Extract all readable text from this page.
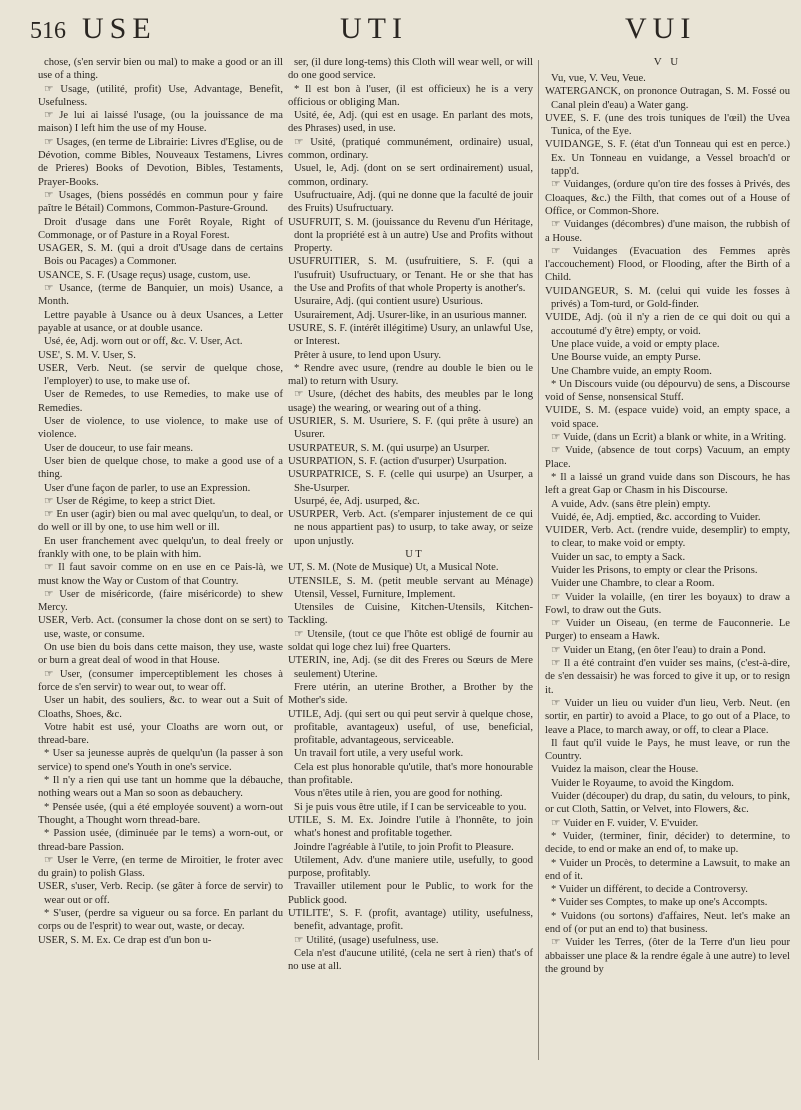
516 USE	UTI	VUI
V U

chose, (s'en servir bien ou mal) to make a good or an ill use of a thing.

☞ Usage, (utilité, profit) Use, Advantage, Benefit, Usefulness.

☞ Je lui ai laissé l'usage, (ou la jouissance de ma maison) I left him the use of my House.

☞ Usages, (en terme de Librairie: Livres d'Eglise, ou de Dévotion, comme Bibles, Nouveaux Testamens, Livres de Prieres) Books of Devotion, Bibles, Testaments, Prayer-Books.

☞ Usages, (biens possédés en commun pour y faire paître le Bétail) Commons, Common-Pasture-Ground.

Droit d'usage dans une Forêt Royale, Right of Commonage, or of Pasture in a Royal Forest.

USAGER, S. M. (qui a droit d'Usage dans de certains Bois ou Pacages) a Commoner.

USANCE, S. F. (Usage reçus) usage, custom, use.

☞ Usance, (terme de Banquier, un mois) Usance, a Month.

Lettre payable à Usance ou à deux Usances, a Letter payable at usance, or at double usance.

Usé, ée, Adj. worn out or off, &c. V. User, Act.

USE', S. M. V. User, S.

USER, Verb. Neut. (se servir de quelque chose, l'employer) to use, to make use of.

User de Remedes, to use Remedies, to make use of Remedies.

User de violence, to use violence, to make use of violence.

User de douceur, to use fair means.

User bien de quelque chose, to make a good use of a thing.

User d'une façon de parler, to use an Expression.

☞ User de Régime, to keep a strict Diet.

☞ En user (agir) bien ou mal avec quelqu'un, to deal, or do well or ill by one, to use him well or ill.

En user franchement avec quelqu'un, to deal freely or frankly with one, to be plain with him.

☞ Il faut savoir comme on en use en ce Pais-là, we must know the Way or Custom of that Country.

☞ User de miséricorde, (faire miséricorde) to shew Mercy.

USER, Verb. Act. (consumer la chose dont on se sert) to use, waste, or consume.

On use bien du bois dans cette maison, they use, waste or burn a great deal of wood in that House.

☞ User, (consumer imperceptiblement les choses à force de s'en servir) to wear out, to wear off.

User un habit, des souliers, &c. to wear out a Suit of Cloaths, Shoes, &c.

Votre habit est usé, your Cloaths are worn out, or thread-bare.

* User sa jeunesse auprès de quelqu'un (la passer à son service) to spend one's Youth in one's service.

* Il n'y a rien qui use tant un homme que la débauche, nothing wears out a Man so soon as debauchery.

* Pensée usée, (qui a été employée souvent) a worn-out Thought, a Thought worn thread-bare.

* Passion usée, (diminuée par le tems) a worn-out, or thread-bare Passion.

☞ User le Verre, (en terme de Miroitier, le froter avec du grain) to polish Glass.

USER, s'user, Verb. Recip. (se gâter à force de servir) to wear out or off.

* S'user, (perdre sa vigueur ou sa force. En parlant du corps ou de l'esprit) to wear out, waste, or decay.

USER, S. M. Ex. Ce drap est d'un bon u-

ser, (il dure long-tems) this Cloth will wear well, or will do one good service.

* Il est bon à l'user, (il est officieux) he is a very officious or obliging Man.

Usité, ée, Adj. (qui est en usage. En parlant des mots, des Phrases) used, in use.

☞ Usité, (pratiqué communément, ordinaire) usual, common, ordinary.

Usuel, le, Adj. (dont on se sert ordinairement) usual, common, ordinary.

Usufructuaire, Adj. (qui ne donne que la faculté de jouir des Fruits) Usufructuary.

USUFRUIT, S. M. (jouissance du Revenu d'un Héritage, dont la propriété est à un autre) Use and Profits without Property.

USUFRUITIER, S. M. (usufruitiere, S. F. (qui a l'usufruit) Usufructuary, or Tenant. He or she that has the Use and Profits of that whole Property is another's.

Usuraire, Adj. (qui contient usure) Usurious.

Usurairement, Adj. Usurer-like, in an usurious manner.

USURE, S. F. (intérêt illégitime) Usury, an unlawful Use, or Interest.

Prêter à usure, to lend upon Usury.

* Rendre avec usure, (rendre au double le bien ou le mal) to return with Usury.

☞ Usure, (déchet des habits, des meubles par le long usage) the wearing, or wearing out of a thing.

USURIER, S. M. Usuriere, S. F. (qui prête à usure) an Usurer.

USURPATEUR, S. M. (qui usurpe) an Usurper.

USURPATION, S. F. (action d'usurper) Usurpation.

USURPATRICE, S. F. (celle qui usurpe) an Usurper, a She-Usurper.

Usurpé, ée, Adj. usurped, &c.

USURPER, Verb. Act. (s'emparer injustement de ce qui ne nous appartient pas) to usurp, to take away, or seize upon unjustly.

U T

UT, S. M. (Note de Musique) Ut, a Musical Note.

UTENSILE, S. M. (petit meuble servant au Ménage) Utensil, Vessel, Furniture, Implement.

Utensiles de Cuisine, Kitchen-Utensils, Kitchen-Tackling.

☞ Utensile, (tout ce que l'hôte est obligé de fournir au soldat qui loge chez lui) free Quarters.

UTERIN, ine, Adj. (se dit des Freres ou Sœurs de Mere seulement) Uterine.

Frere utérin, an uterine Brother, a Brother by the Mother's side.

UTILE, Adj. (qui sert ou qui peut servir à quelque chose, profitable, avantageux) useful, of use, beneficial, profitable, advantageous, serviceable.

Un travail fort utile, a very useful work.

Cela est plus honorable qu'utile, that's more honourable than profitable.

Vous n'êtes utile à rien, you are good for nothing.

Si je puis vous être utile, if I can be serviceable to you.

UTILE, S. M. Ex. Joindre l'utile à l'honnête, to join what's honest and profitable together.

Joindre l'agréable à l'utile, to join Profit to Pleasure.

Utilement, Adv. d'une maniere utile, usefully, to good purpose, profitably.

Travailler utilement pour le Public, to work for the Publick good.

UTILITE', S. F. (profit, avantage) utility, usefulness, benefit, advantage, profit.

☞ Utilité, (usage) usefulness, use.

Cela n'est d'aucune utilité, (cela ne sert à rien) that's of no use at all.

Vu, vue, V. Veu, Veue.

WATERGANCK, on prononce Outragan, S. M. Fossé ou Canal plein d'eau) a Water gang.

UVEE, S. F. (une des trois tuniques de l'œil) the Uvea Tunica, of the Eye.

VUIDANGE, S. F. (état d'un Tonneau qui est en perce.) Ex. Un Tonneau en vuidange, a Vessel broach'd or tapp'd.

☞ Vuidanges, (ordure qu'on tire des fosses à Privés, des Cloaques, &c.) the Filth, that comes out of a House of Office, or Common-Shore.

☞ Vuidanges (décombres) d'une maison, the rubbish of a House.

☞ Vuidanges (Evacuation des Femmes après l'accouchement) Flood, or Flooding, after the Birth of a Child.

VUIDANGEUR, S. M. (celui qui vuide les fosses à privés) a Tom-turd, or Gold-finder.

VUIDE, Adj. (où il n'y a rien de ce qui doit ou qui a accoutumé d'y être) empty, or void.

Une place vuide, a void or empty place.

Une Bourse vuide, an empty Purse.

Une Chambre vuide, an empty Room.

* Un Discours vuide (ou dépourvu) de sens, a Discourse void of Sense, nonsensical Stuff.

VUIDE, S. M. (espace vuide) void, an empty space, a void space.

☞ Vuide, (dans un Ecrit) a blank or white, in a Writing.

☞ Vuide, (absence de tout corps) Vacuum, an empty Place.

* Il a laissé un grand vuide dans son Discours, he has left a great Gap or Chasm in his Discourse.

A vuide, Adv. (sans être plein) empty.

Vuidé, ée, Adj. emptied, &c. according to Vuider.

VUIDER, Verb. Act. (rendre vuide, desemplir) to empty, to clear, to make void or empty.

Vuider un sac, to empty a Sack.

Vuider les Prisons, to empty or clear the Prisons.

Vuider une Chambre, to clear a Room.

☞ Vuider la volaille, (en tirer les boyaux) to draw a Fowl, to draw out the Guts.

☞ Vuider un Oiseau, (en terme de Fauconnerie. Le Purger) to enseam a Hawk.

☞ Vuider un Etang, (en ôter l'eau) to drain a Pond.

☞ Il a été contraint d'en vuider ses mains, (c'est-à-dire, de s'en dessaisir) he was forced to give it up, or to resign it.

☞ Vuider un lieu ou vuider d'un lieu, Verb. Neut. (en sortir, en partir) to avoid a Place, to go out of a Place, to leave a Place, to march away, or off, to clear a Place.

Il faut qu'il vuide le Pays, he must leave, or run the Country.

Vuidez la maison, clear the House.

Vuider le Royaume, to avoid the Kingdom.

Vuider (découper) du drap, du satin, du velours, to pink, or cut Cloth, Sattin, or Velvet, into Flowers, &c.

☞ Vuider en F. vuider, V. E'vuider.

* Vuider, (terminer, finir, décider) to determine, to decide, to end or make an end of, to make up.

* Vuider un Procès, to determine a Lawsuit, to make an end of it.

* Vuider un différent, to decide a Controversy.

* Vuider ses Comptes, to make up one's Accompts.

* Vuidons (ou sortons) d'affaires, Neut. let's make an end of (or put an end to) that business.

☞ Vuider les Terres, (ôter de la Terre d'un lieu pour abbaisser une place & la rendre égale à une autre) to level the ground by
